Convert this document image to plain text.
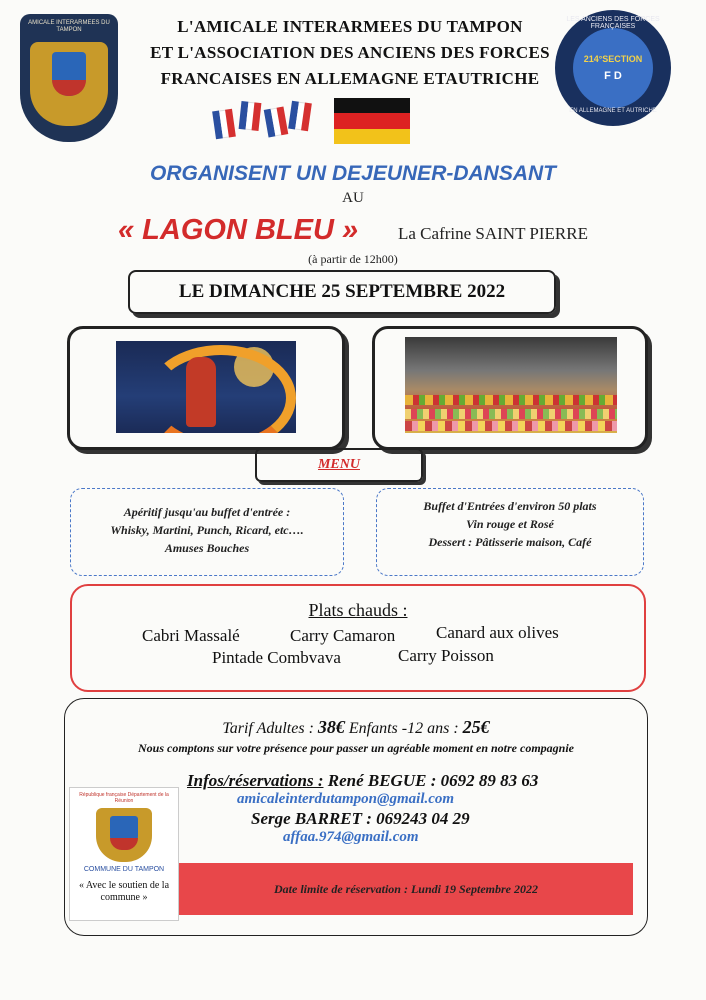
AMICALE INTERARMEES DU TAMPON	L'AMICALE INTERARMEES DU TAMPON
ET L'ASSOCIATION DES ANCIENS DES FORCES
FRANCAISES EN ALLEMAGNE ETAUTRICHE
LES ANCIENS DES FORCES FRANÇAISES
214°SECTION
F D
EN ALLEMAGNE ET AUTRICHE
ORGANISENT UN DEJEUNER-DANSANT
AU
« LAGON BLEU » La Cafrine SAINT PIERRE
(à partir de 12h00)
LE DIMANCHE 25 SEPTEMBRE 2022
MENU
Apéritif jusqu'au buffet d'entrée :
Whisky, Martini, Punch, Ricard, etc….
Amuses Bouches
Buffet d'Entrées d'environ 50 plats
Vin rouge et Rosé
Dessert : Pâtisserie maison, Café
Plats chauds :
Cabri Massalé	Carry Camaron Canard aux olives
Pintade Combvava	Carry Poisson
Tarif Adultes : 38€ Enfants -12 ans : 25€
Nous comptons sur votre présence pour passer un agréable moment en notre compagnie
Infos/réservations : René BEGUE : 0692 89 83 63
amicaleinterdutampon@gmail.com
Serge BARRET : 069243 04 29
affaa.974@gmail.com
République française Département de la Réunion
COMMUNE DU TAMPON
« Avec le soutien de la commune »
Date limite de réservation : Lundi 19 Septembre 2022
